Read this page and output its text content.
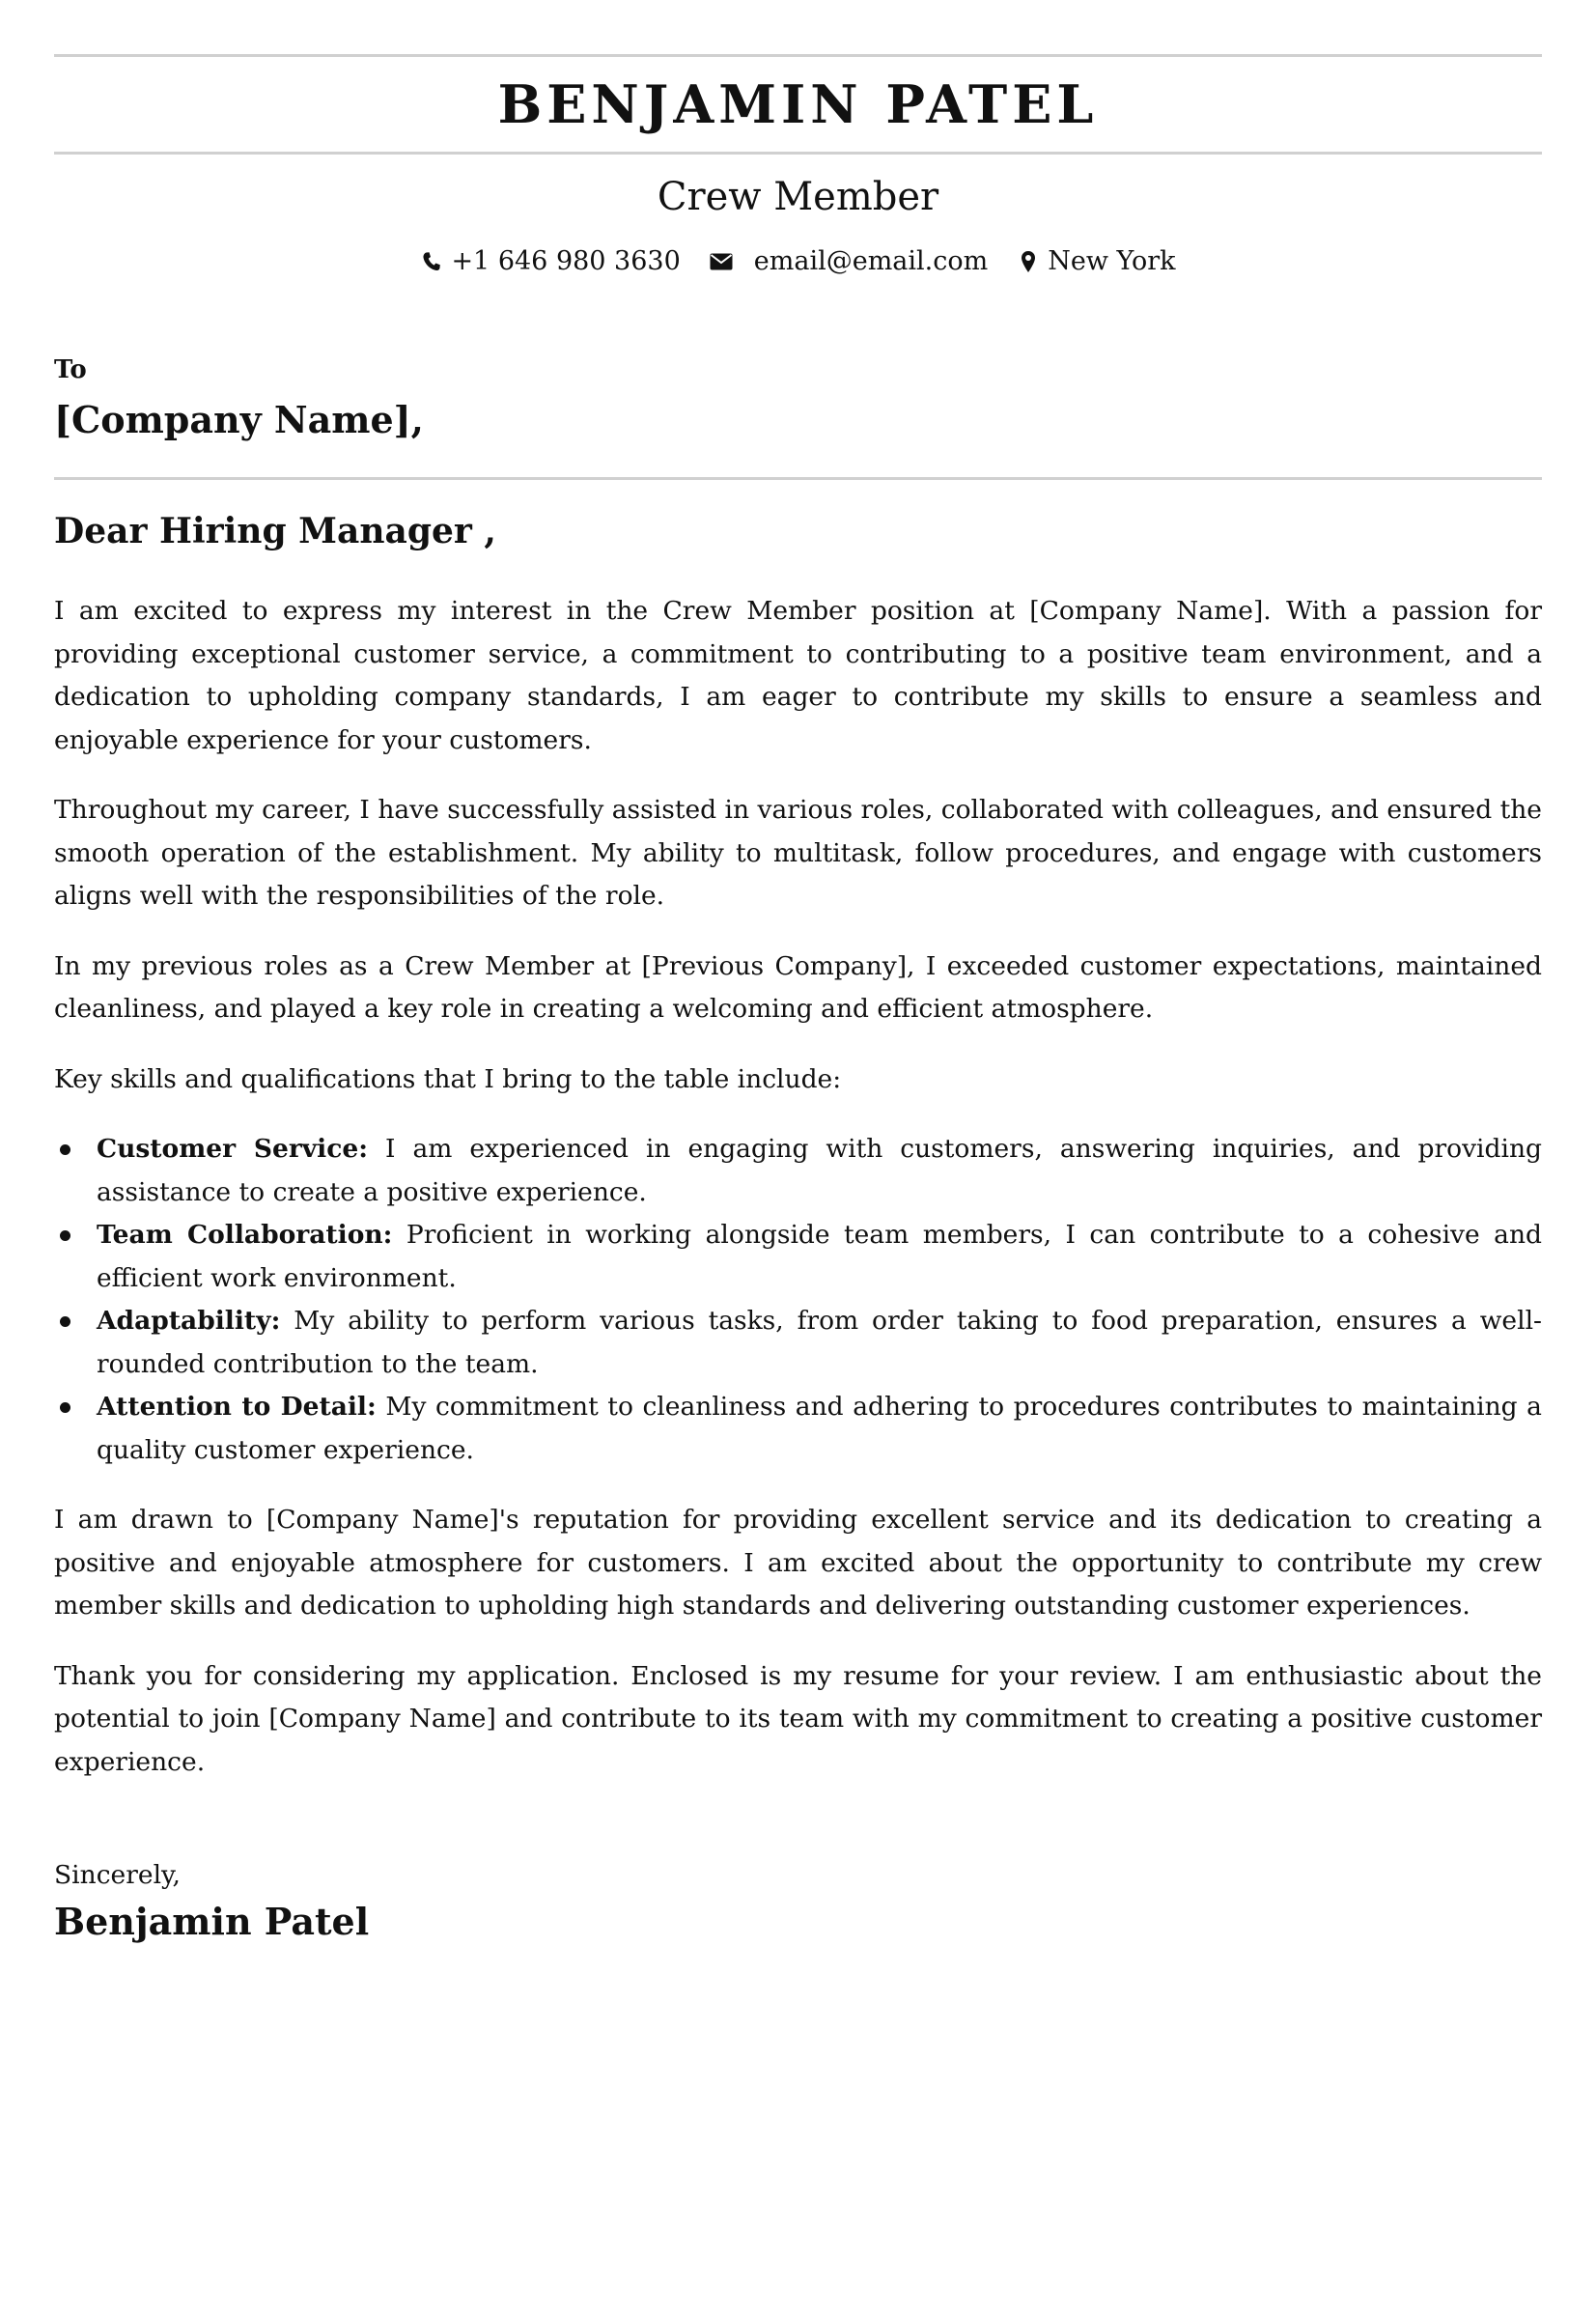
BENJAMIN PATEL
Crew Member
+1 646 980 3630	email@email.com New York
To
[Company Name],
Dear Hiring Manager ,

I am excited to express my interest in the Crew Member position at [Company Name]. With a passion for providing exceptional customer service, a commitment to contributing to a positive team environment, and a dedication to upholding company standards, I am eager to contribute my skills to ensure a seamless and enjoyable experience for your customers.

Throughout my career, I have successfully assisted in various roles, collaborated with colleagues, and ensured the smooth operation of the establishment. My ability to multitask, follow procedures, and engage with customers aligns well with the responsibilities of the role.

In my previous roles as a Crew Member at [Previous Company], I exceeded customer expectations, maintained cleanliness, and played a key role in creating a welcoming and efficient atmosphere.

Key skills and qualifications that I bring to the table include:

Customer Service: I am experienced in engaging with customers, answering inquiries, and providing assistance to create a positive experience.
Team Collaboration: Proficient in working alongside team members, I can contribute to a cohesive and efficient work environment.
Adaptability: My ability to perform various tasks, from order taking to food preparation, ensures a well-rounded contribution to the team.
Attention to Detail: My commitment to cleanliness and adhering to procedures contributes to maintaining a quality customer experience.

I am drawn to [Company Name]'s reputation for providing excellent service and its dedication to creating a positive and enjoyable atmosphere for customers. I am excited about the opportunity to contribute my crew member skills and dedication to upholding high standards and delivering outstanding customer experiences.

Thank you for considering my application. Enclosed is my resume for your review. I am enthusiastic about the potential to join [Company Name] and contribute to its team with my commitment to creating a positive customer experience.

Sincerely,
Benjamin Patel
